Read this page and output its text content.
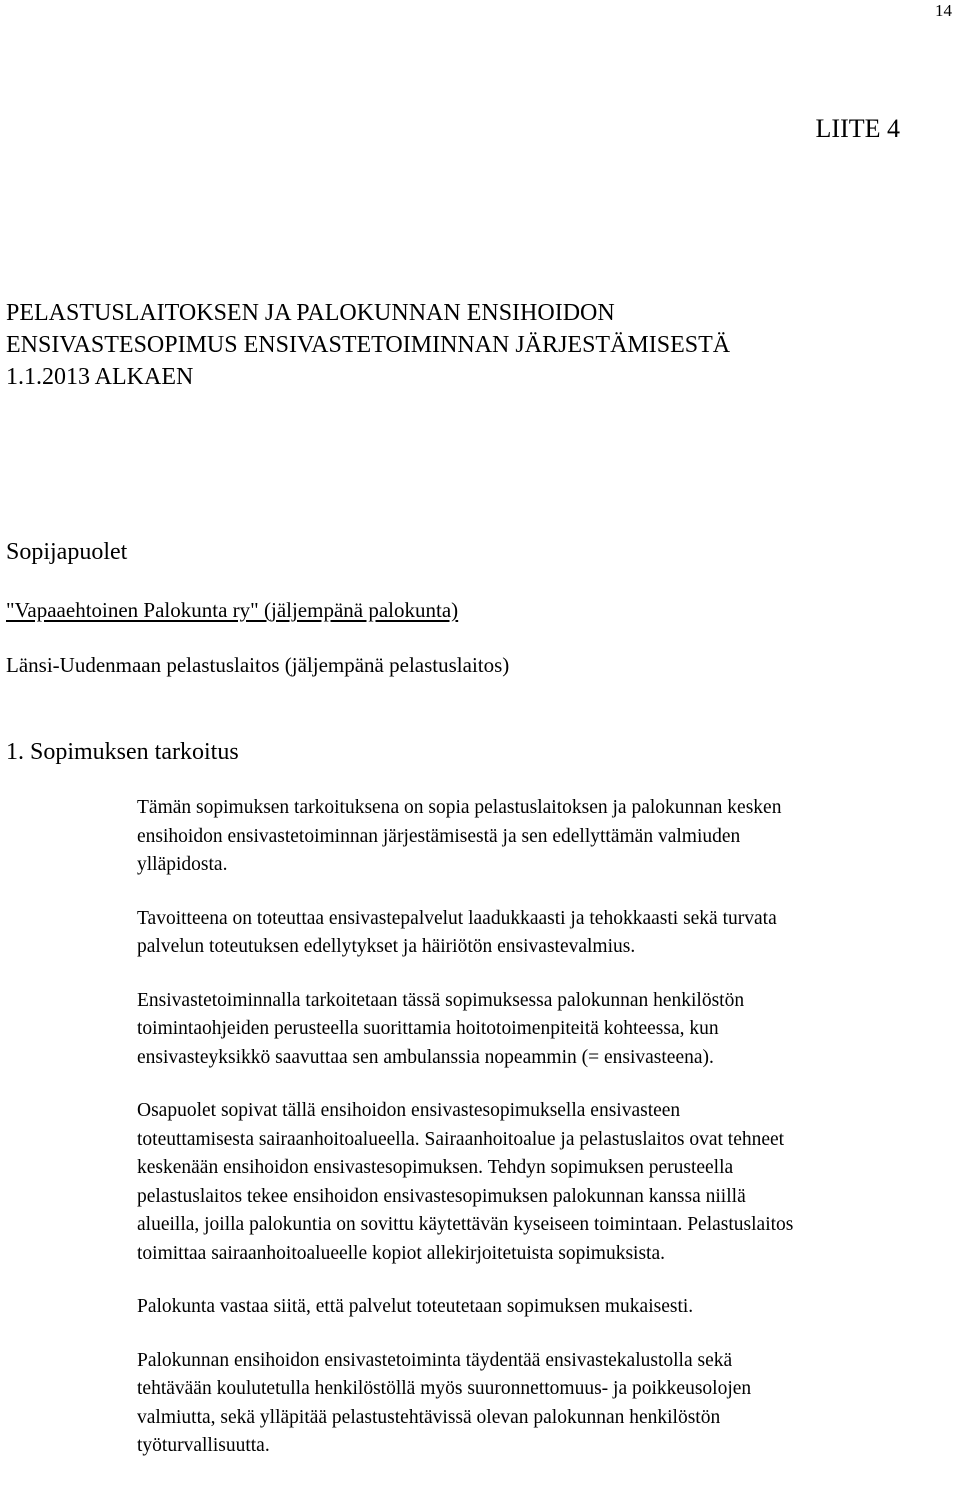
14
LIITE 4
PELASTUSLAITOKSEN JA PALOKUNNAN ENSIHOIDON
ENSIVASTESOPIMUS ENSIVASTETOIMINNAN JÄRJESTÄMISESTÄ
1.1.2013 ALKAEN
Sopijapuolet
"Vapaaehtoinen Palokunta ry" (jäljempänä palokunta)
Länsi-Uudenmaan pelastuslaitos (jäljempänä pelastuslaitos)
1. Sopimuksen tarkoitus
Tämän sopimuksen tarkoituksena on sopia pelastuslaitoksen ja palokunnan kesken
ensihoidon ensivastetoiminnan järjestämisestä ja sen edellyttämän valmiuden
ylläpidosta.
Tavoitteena on toteuttaa ensivastepalvelut laadukkaasti ja tehokkaasti sekä turvata
palvelun toteutuksen edellytykset ja häiriötön ensivastevalmius.
Ensivastetoiminnalla tarkoitetaan tässä sopimuksessa palokunnan henkilöstön
toimintaohjeiden perusteella suorittamia hoitotoimenpiteitä kohteessa, kun
ensivasteyksikkö saavuttaa sen ambulanssia nopeammin (= ensivasteena).
Osapuolet sopivat tällä ensihoidon ensivastesopimuksella ensivasteen
toteuttamisesta sairaanhoitoalueella. Sairaanhoitoalue ja pelastuslaitos ovat tehneet
keskenään ensihoidon ensivastesopimuksen. Tehdyn sopimuksen perusteella
pelastuslaitos tekee ensihoidon ensivastesopimuksen palokunnan kanssa niillä
alueilla, joilla palokuntia on sovittu käytettävän kyseiseen toimintaan. Pelastuslaitos
toimittaa sairaanhoitoalueelle kopiot allekirjoitetuista sopimuksista.
Palokunta vastaa siitä, että palvelut toteutetaan sopimuksen mukaisesti.
Palokunnan ensihoidon ensivastetoiminta täydentää ensivastekalustolla sekä
tehtävään koulutetulla henkilöstöllä myös suuronnettomuus- ja poikkeusolojen
valmiutta, sekä ylläpitää pelastustehtävissä olevan palokunnan henkilöstön
työturvallisuutta.
